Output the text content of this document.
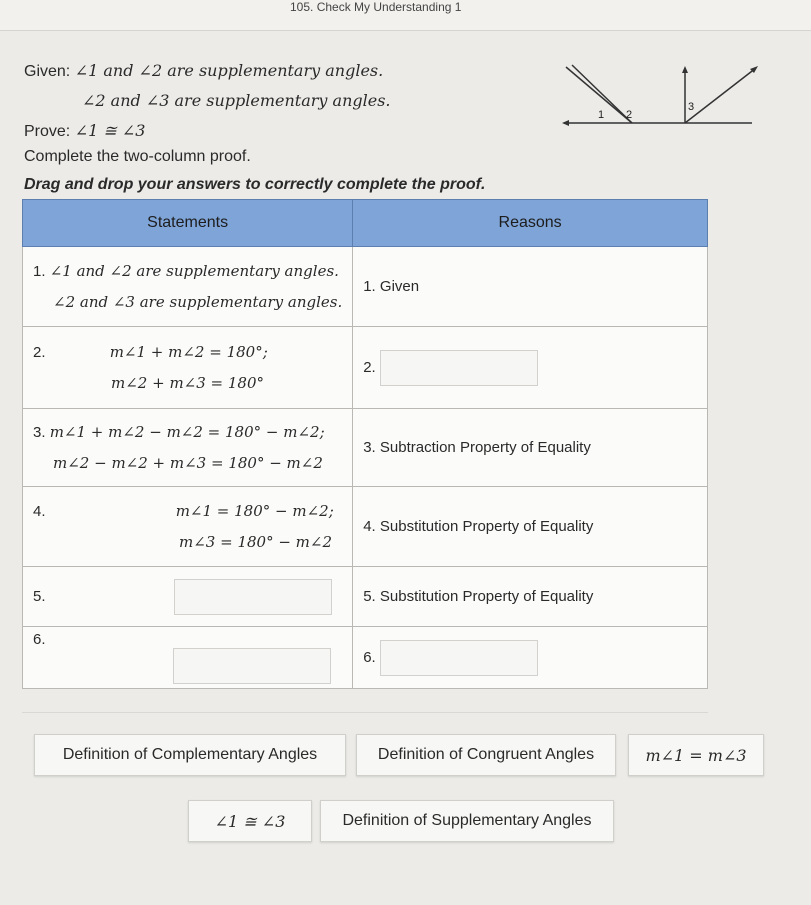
105. Check My Understanding 1
Given: ∠1 and ∠2 are supplementary angles.
∠2 and ∠3 are supplementary angles.
Prove: ∠1 ≅ ∠3
1 2
3
Complete the two-column proof.
Drag and drop your answers to correctly complete the proof.
Statements	Reasons

1. ∠1 and ∠2 are supplementary angles.
∠2 and ∠3 are supplementary angles.	1. Given

2. m∠1 + m∠2 = 180°;
m∠2 + m∠3 = 180°	2.

3. m∠1 + m∠2 − m∠2 = 180° − m∠2;
m∠2 − m∠2 + m∠3 = 180° − m∠2	3. Subtraction Property of Equality

4. m∠1 = 180° − m∠2;
m∠3 = 180° − m∠2	4. Substitution Property of Equality
5.	5. Substitution Property of Equality
6.	6.
Definition of Complementary Angles	Definition of Congruent Angles	m∠1 = m∠3
∠1 ≅ ∠3	Definition of Supplementary Angles
